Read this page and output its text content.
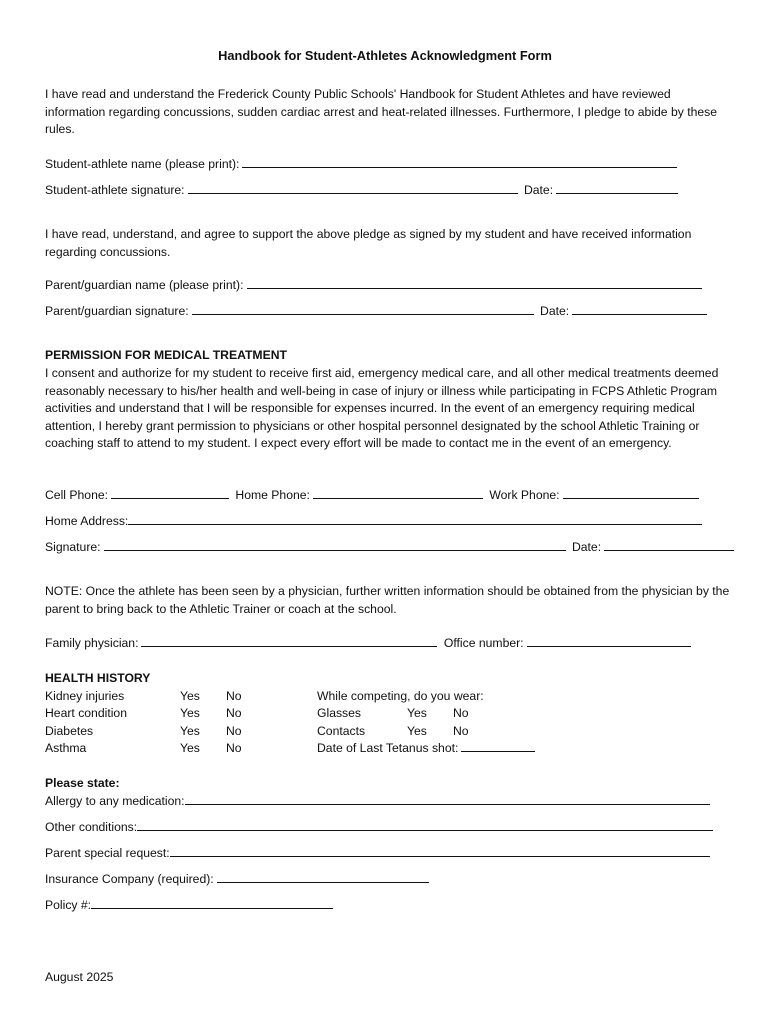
Handbook for Student-Athletes Acknowledgment Form
I have read and understand the Frederick County Public Schools' Handbook for Student Athletes and have reviewed information regarding concussions, sudden cardiac arrest and heat-related illnesses. Furthermore, I pledge to abide by these rules.
Student-athlete name (please print):
Student-athlete signature:	Date:
I have read, understand, and agree to support the above pledge as signed by my student and have received information regarding concussions.
Parent/guardian name (please print):
Parent/guardian signature:	Date:
PERMISSION FOR MEDICAL TREATMENT
I consent and authorize for my student to receive first aid, emergency medical care, and all other medical treatments deemed reasonably necessary to his/her health and well-being in case of injury or illness while participating in FCPS Athletic Program activities and understand that I will be responsible for expenses incurred. In the event of an emergency requiring medical attention, I hereby grant permission to physicians or other hospital personnel designated by the school Athletic Training or coaching staff to attend to my student. I expect every effort will be made to contact me in the event of an emergency.
Cell Phone:	Home Phone:	Work Phone:
Home Address:
Signature:	Date:
NOTE: Once the athlete has been seen by a physician, further written information should be obtained from the physician by the parent to bring back to the Athletic Trainer or coach at the school.
Family physician:	Office number:
HEALTH HISTORY
Kidney injuries	Yes No
Heart condition	Yes No
Diabetes	Yes No
Asthma	Yes No
While competing, do you wear:
Glasses	Yes No
Contacts	Yes No
Date of Last Tetanus shot:
Please state:
Allergy to any medication:
Other conditions:
Parent special request:
Insurance Company (required):
Policy #:
August 2025
